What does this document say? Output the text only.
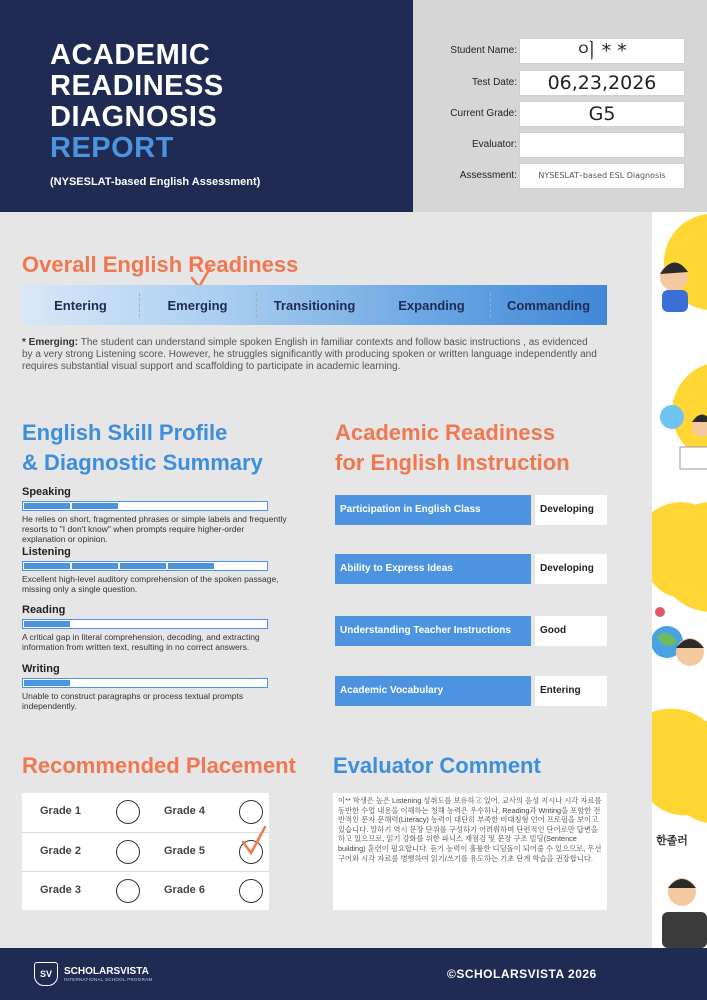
ACADEMIC
READINESS
DIAGNOSIS
REPORT
(NYSESLAT-based English Assessment)
Student Name:	이 * *
Test Date:	06,23,2026
Current Grade:	G5
Evaluator:
Assessment:	NYSESLAT–based ESL Diagnosis
Overall English Readiness
Entering	Emerging	Transitioning	Expanding	Commanding
* Emerging: The student can understand simple spoken English in familiar contexts and follow basic instructions , as evidenced by a very strong Listening score. However, he struggles significantly with producing spoken or written language independently and requires substantial visual support and scaffolding to participate in academic learning.
English Skill Profile
& Diagnostic Summary
Speaking
He relies on short, fragmented phrases or simple labels and frequently resorts to "I don't know" when prompts require higher-order explanation or opinion.
Listening
Excellent high-level auditory comprehension of the spoken passage, missing only a single question.
Reading
A critical gap in literal comprehension, decoding, and extracting information from written text, resulting in no correct answers.
Writing
Unable to construct paragraphs or process textual prompts independently.
Academic Readiness
for English Instruction
Participation in English Class	Developing
Ability to Express Ideas	Developing
Understanding Teacher Instructions	Good
Academic Vocabulary	Entering
Recommended Placement
Grade 1	Grade 4
Grade 2	Grade 5
Grade 3	Grade 6
Evaluator Comment
이** 학생은 높은 Listening 성취도를 보유하고 있어, 교사의 음성 지시나 시각 자료를 동반한 수업 내용을 이해하는 청해 능력은 우수하나, Reading과 Writing을 포함한 전반적인 문자 문해력(Literacy) 능력이 대단히 부족한 비대칭형 언어 프로필을 보이고 있습니다. 말하기 역시 문장 단위를 구성하기 어려워하며 단편적인 단어로만 답변을 하고 있으므로, 읽기 강화를 위한 파닉스 재점검 및 문장 구조 빌딩(Sentence building) 훈련이 필요합니다. 듣기 능력이 훌륭한 디딤돌이 되어줄 수 있으므로, 우선 구어와 시각 자료를 병행하여 읽기/쓰기를 유도하는 기초 단계 학습을 권장합니다.
한졸러
SV	SCHOLARSVISTA
INTERNATIONAL SCHOOL PROGRAM	©SCHOLARSVISTA 2026
